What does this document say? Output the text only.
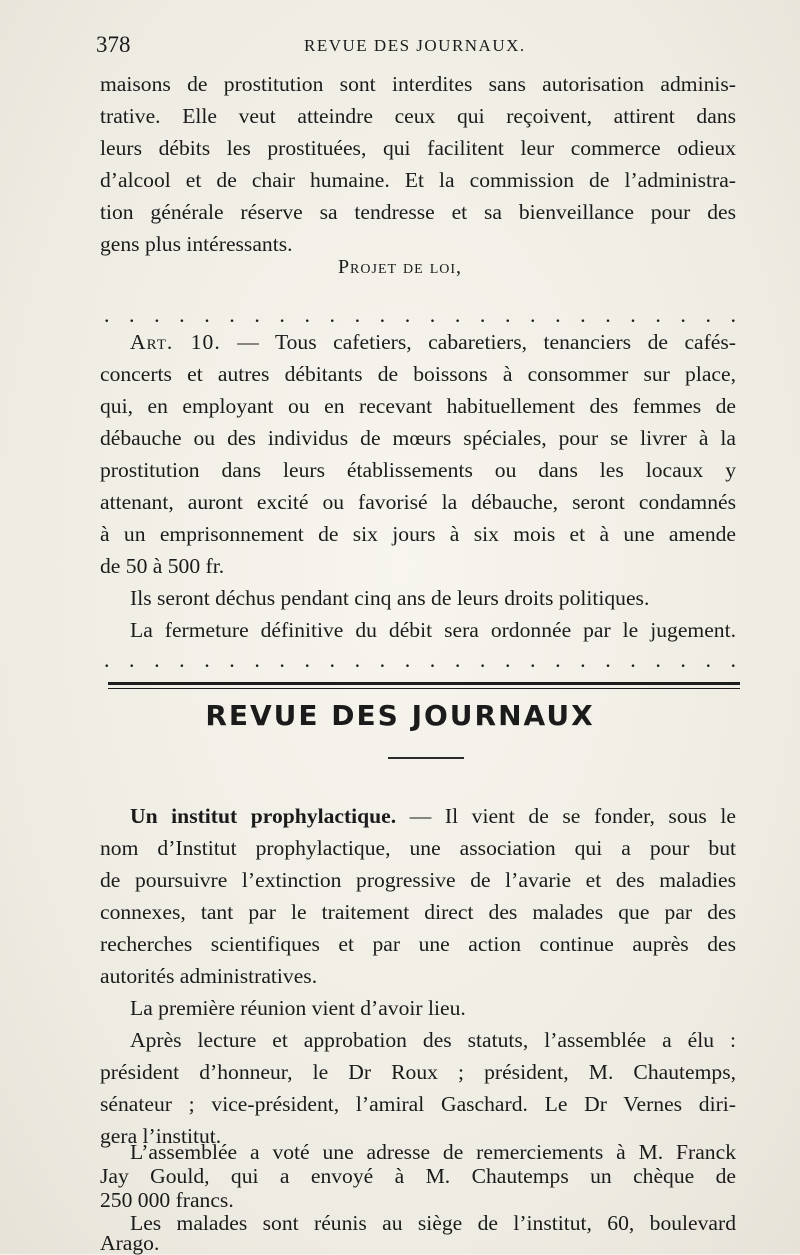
378	REVUE DES JOURNAUX.
maisons de prostitution sont interdites sans autorisation adminis-
trative. Elle veut atteindre ceux qui reçoivent, attirent dans
leurs débits les prostituées, qui facilitent leur commerce odieux
d’alcool et de chair humaine. Et la commission de l’administra-
tion générale réserve sa tendresse et sa bienveillance pour des
gens plus intéressants.
Projet de loi,
. . . . . . . . . . . . . . . . . . . . . . . . . .
Art. 10. — Tous cafetiers, cabaretiers, tenanciers de cafés-
concerts et autres débitants de boissons à consommer sur place,
qui, en employant ou en recevant habituellement des femmes de
débauche ou des individus de mœurs spéciales, pour se livrer à la
prostitution dans leurs établissements ou dans les locaux y
attenant, auront excité ou favorisé la débauche, seront condamnés
à un emprisonnement de six jours à six mois et à une amende
de 50 à 500 fr.
Ils seront déchus pendant cinq ans de leurs droits politiques.
La fermeture définitive du débit sera ordonnée par le jugement.
. . . . . . . . . . . . . . . . . . . . . . . . . .
REVUE DES JOURNAUX
Un institut prophylactique. — Il vient de se fonder, sous le
nom d’Institut prophylactique, une association qui a pour but
de poursuivre l’extinction progressive de l’avarie et des maladies
connexes, tant par le traitement direct des malades que par des
recherches scientifiques et par une action continue auprès des
autorités administratives.
La première réunion vient d’avoir lieu.
Après lecture et approbation des statuts, l’assemblée a élu :
président d’honneur, le Dr Roux ; président, M. Chautemps,
sénateur ; vice-président, l’amiral Gaschard. Le Dr Vernes diri-
gera l’institut.
L’assemblée a voté une adresse de remerciements à M. Franck
Jay Gould, qui a envoyé à M. Chautemps un chèque de
250 000 francs.
Les malades sont réunis au siège de l’institut, 60, boulevard
Arago.
